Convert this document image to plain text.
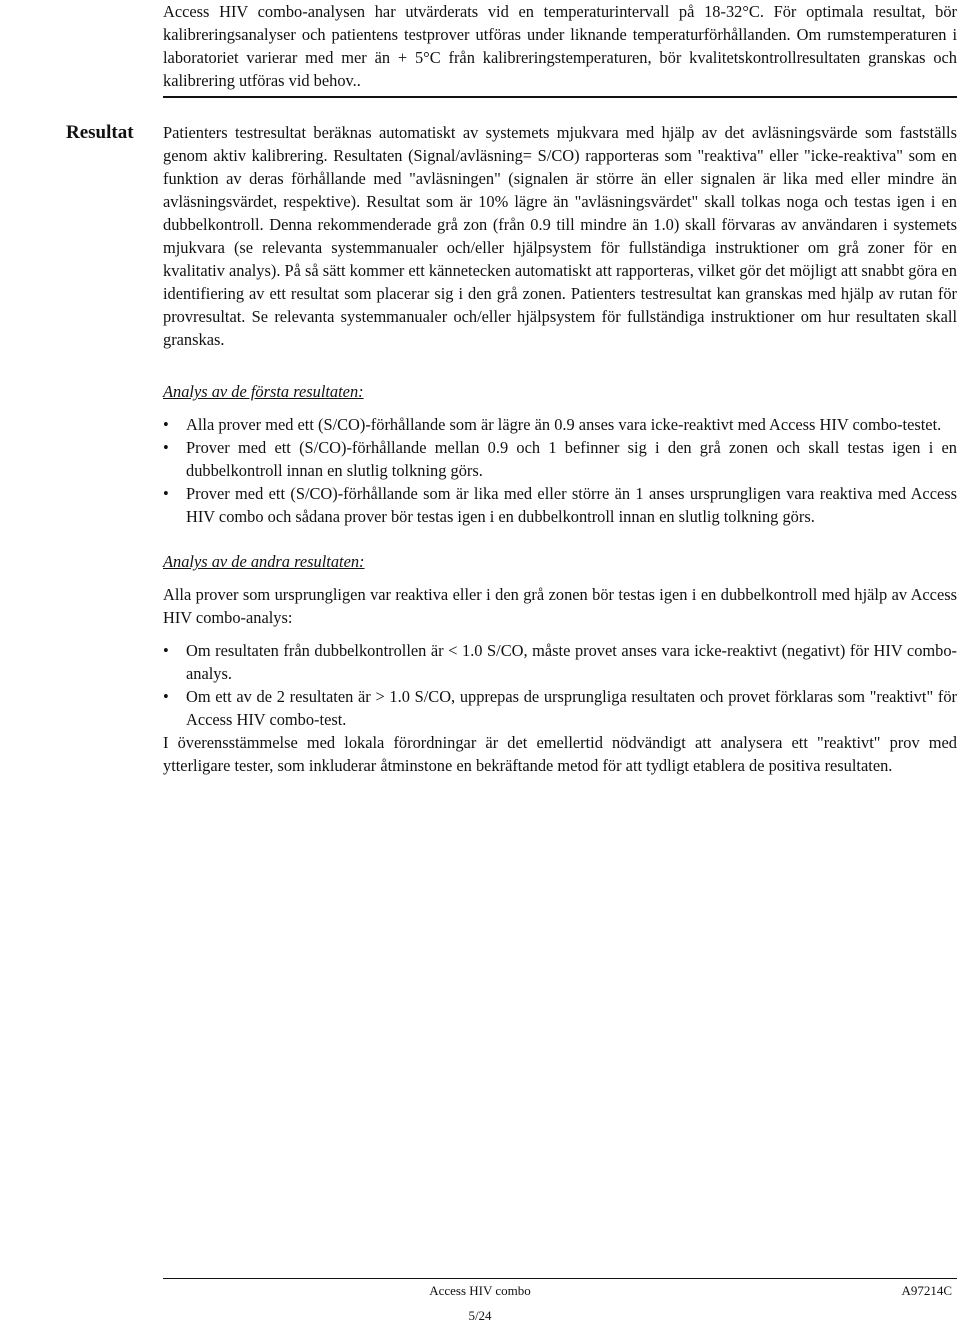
Access HIV combo-analysen har utvärderats vid en temperaturintervall på 18-32°C. För optimala resultat, bör kalibreringsanalyser och patientens testprover utföras under liknande temperaturförhållanden. Om rumstemperaturen i laboratoriet varierar med mer än + 5°C från kalibreringstemperaturen, bör kvalitetskontrollresultaten granskas och kalibrering utföras vid behov..

Resultat Patienters testresultat beräknas automatiskt av systemets mjukvara med hjälp av det avläsningsvärde som fastställs genom aktiv kalibrering. Resultaten (Signal/avläsning= S/CO) rapporteras som "reaktiva" eller "icke-reaktiva" som en funktion av deras förhållande med "avläsningen" (signalen är större än eller signalen är lika med eller mindre än avläsningsvärdet, respektive). Resultat som är 10% lägre än "avläsningsvärdet" skall tolkas noga och testas igen i en dubbelkontroll. Denna rekommenderade grå zon (från 0.9 till mindre än 1.0) skall förvaras av användaren i systemets mjukvara (se relevanta systemmanualer och/eller hjälpsystem för fullständiga instruktioner om grå zoner för en kvalitativ analys). På så sätt kommer ett kännetecken automatiskt att rapporteras, vilket gör det möjligt att snabbt göra en identifiering av ett resultat som placerar sig i den grå zonen. Patienters testresultat kan granskas med hjälp av rutan för provresultat. Se relevanta systemmanualer och/eller hjälpsystem för fullständiga instruktioner om hur resultaten skall granskas.

Analys av de första resultaten:

• Alla prover med ett (S/CO)-förhållande som är lägre än 0.9 anses vara icke-reaktivt med Access HIV combo-testet.
• Prover med ett (S/CO)-förhållande mellan 0.9 och 1 befinner sig i den grå zonen och skall testas igen i en dubbelkontroll innan en slutlig tolkning görs.
• Prover med ett (S/CO)-förhållande som är lika med eller större än 1 anses ursprungligen vara reaktiva med Access HIV combo och sådana prover bör testas igen i en dubbelkontroll innan en slutlig tolkning görs.

Analys av de andra resultaten:

Alla prover som ursprungligen var reaktiva eller i den grå zonen bör testas igen i en dubbelkontroll med hjälp av Access HIV combo-analys:

• Om resultaten från dubbelkontrollen är < 1.0 S/CO, måste provet anses vara icke-reaktivt (negativt) för HIV combo-analys.
• Om ett av de 2 resultaten är > 1.0 S/CO, upprepas de ursprungliga resultaten och provet förklaras som "reaktivt" för Access HIV combo-test.

I överensstämmelse med lokala förordningar är det emellertid nödvändigt att analysera ett "reaktivt" prov med ytterligare tester, som inkluderar åtminstone en bekräftande metod för att tydligt etablera de positiva resultaten.

Access HIV combo	A97214C
5/24
